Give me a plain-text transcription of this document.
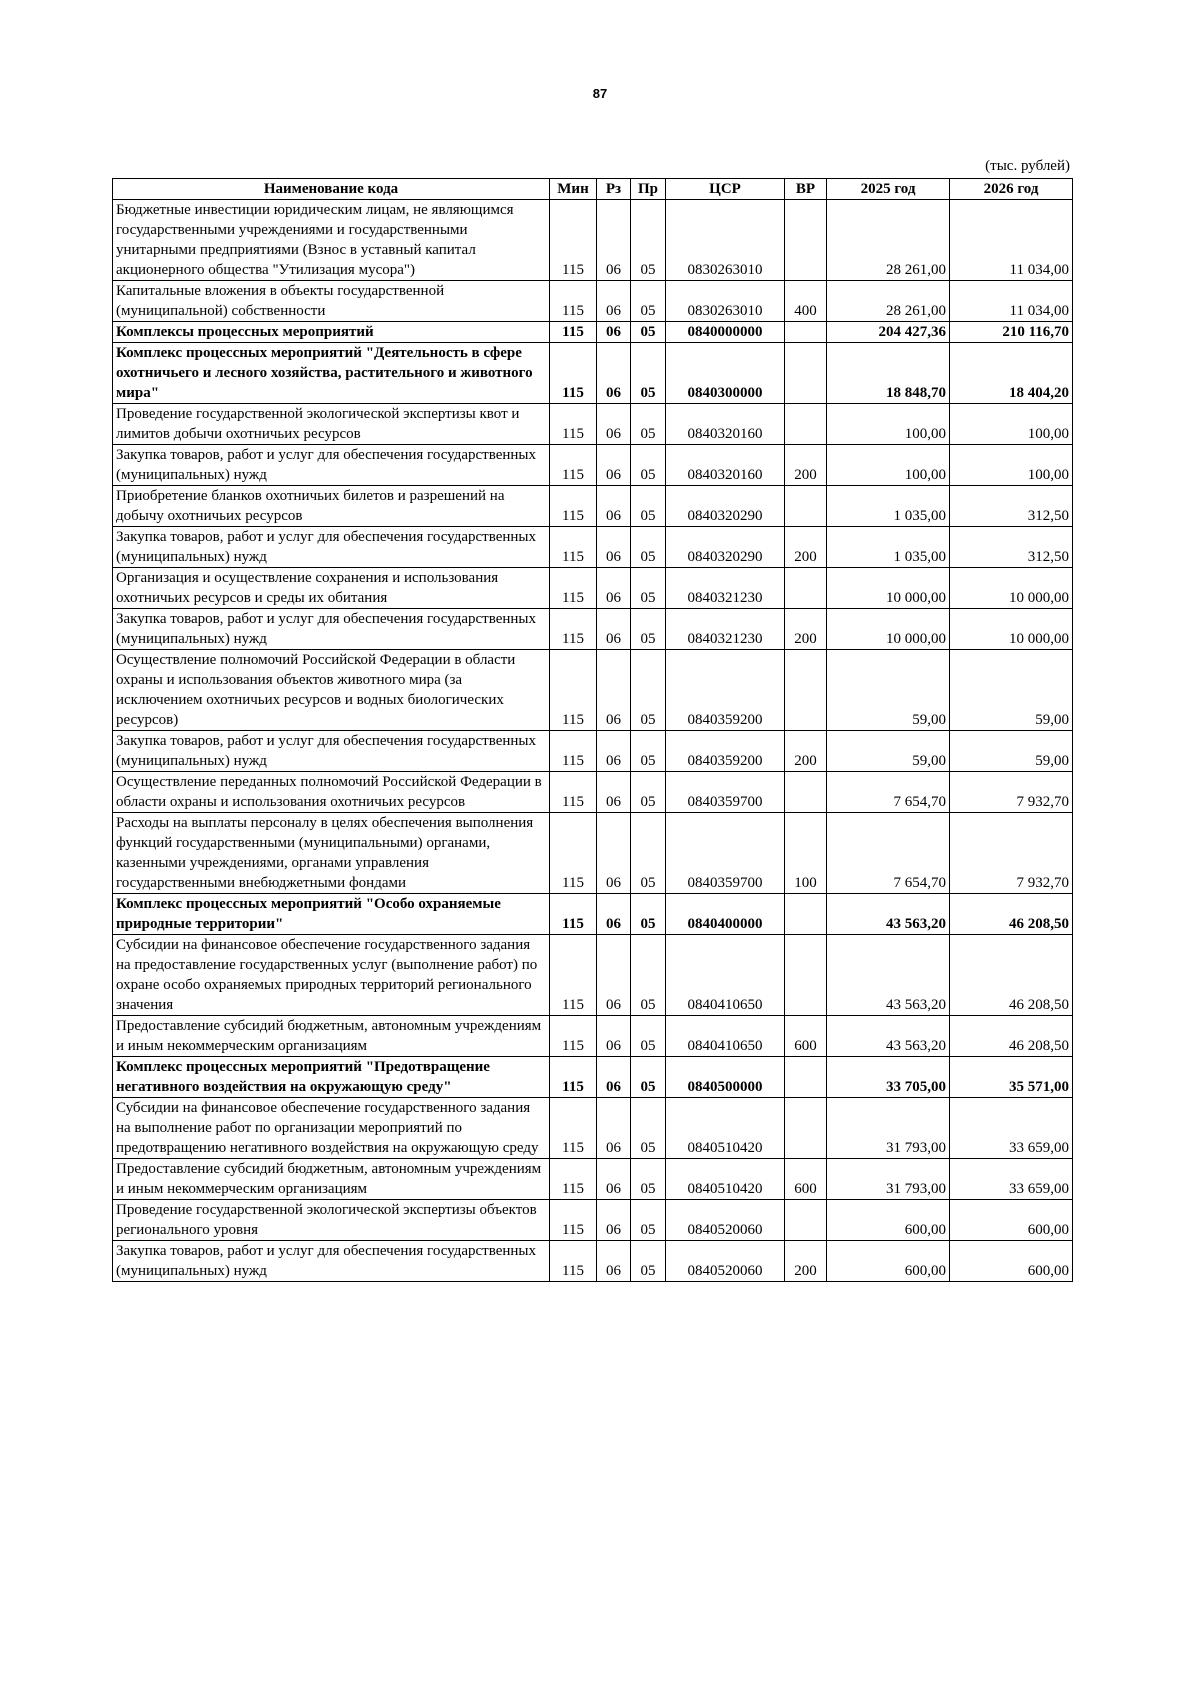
87
(тыс. рублей)
Наименование кода	Мин	Рз	Пр	ЦСР	ВР	2025 год	2026 год
Бюджетные инвестиции юридическим лицам, не являющимся государственными учреждениями и государственными унитарными предприятиями (Взнос в уставный капитал акционерного общества "Утилизация мусора")	115	06	05	0830263010		28 261,00	11 034,00
Капитальные вложения в объекты государственной (муниципальной) собственности	115	06	05	0830263010	400	28 261,00	11 034,00
Комплексы процессных мероприятий	115	06	05	0840000000		204 427,36	210 116,70
Комплекс процессных мероприятий "Деятельность в сфере охотничьего и лесного хозяйства, растительного и животного мира"	115	06	05	0840300000		18 848,70	18 404,20
Проведение государственной экологической экспертизы квот и лимитов добычи охотничьих ресурсов	115	06	05	0840320160		100,00	100,00
Закупка товаров, работ и услуг для обеспечения государственных (муниципальных) нужд	115	06	05	0840320160	200	100,00	100,00
Приобретение бланков охотничьих билетов и разрешений на добычу охотничьих ресурсов	115	06	05	0840320290		1 035,00	312,50
Закупка товаров, работ и услуг для обеспечения государственных (муниципальных) нужд	115	06	05	0840320290	200	1 035,00	312,50
Организация и осуществление сохранения и использования охотничьих ресурсов и среды их обитания	115	06	05	0840321230		10 000,00	10 000,00
Закупка товаров, работ и услуг для обеспечения государственных (муниципальных) нужд	115	06	05	0840321230	200	10 000,00	10 000,00
Осуществление полномочий Российской Федерации в области охраны и использования объектов животного мира (за исключением охотничьих ресурсов и водных биологических ресурсов)	115	06	05	0840359200		59,00	59,00
Закупка товаров, работ и услуг для обеспечения государственных (муниципальных) нужд	115	06	05	0840359200	200	59,00	59,00
Осуществление переданных полномочий Российской Федерации в области охраны и использования охотничьих ресурсов	115	06	05	0840359700		7 654,70	7 932,70
Расходы на выплаты персоналу в целях обеспечения выполнения функций государственными (муниципальными) органами, казенными учреждениями, органами управления государственными внебюджетными фондами	115	06	05	0840359700	100	7 654,70	7 932,70
Комплекс процессных мероприятий "Особо охраняемые природные территории"	115	06	05	0840400000		43 563,20	46 208,50
Субсидии на финансовое обеспечение государственного задания на предоставление государственных услуг (выполнение работ) по охране особо охраняемых природных территорий регионального значения	115	06	05	0840410650		43 563,20	46 208,50
Предоставление субсидий бюджетным, автономным учреждениям и иным некоммерческим организациям	115	06	05	0840410650	600	43 563,20	46 208,50
Комплекс процессных мероприятий "Предотвращение негативного воздействия на окружающую среду"	115	06	05	0840500000		33 705,00	35 571,00
Субсидии на финансовое обеспечение государственного задания на выполнение работ по организации мероприятий по предотвращению негативного воздействия на окружающую среду	115	06	05	0840510420		31 793,00	33 659,00
Предоставление субсидий бюджетным, автономным учреждениям и иным некоммерческим организациям	115	06	05	0840510420	600	31 793,00	33 659,00
Проведение государственной экологической экспертизы объектов регионального уровня	115	06	05	0840520060		600,00	600,00
Закупка товаров, работ и услуг для обеспечения государственных (муниципальных) нужд	115	06	05	0840520060	200	600,00	600,00
